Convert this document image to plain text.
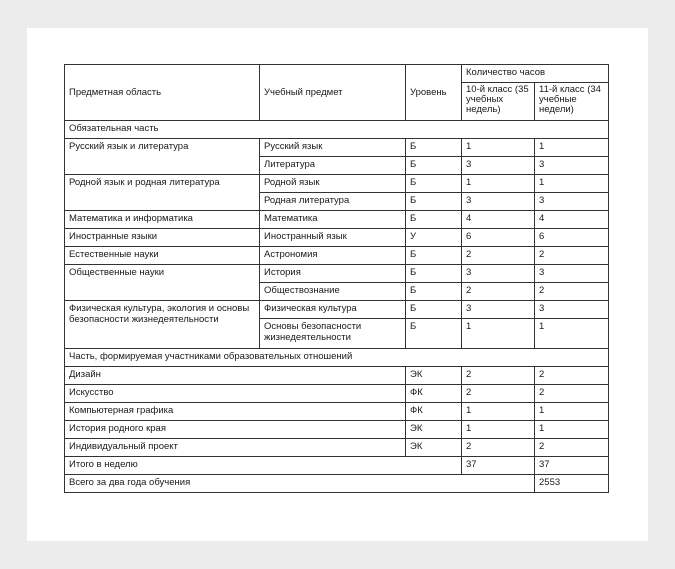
Предметная область	Учебный предмет	Уровень	Количество часов	
			10-й класс (35 учебных недель)	11-й класс (34 учебные недели)
Обязательная часть				
Русский язык и литература	Русский язык	Б	1	1
	Литература	Б	3	3
Родной язык и родная литература	Родной язык	Б	1	1
	Родная литература	Б	3	3
Математика и информатика	Математика	Б	4	4
Иностранные языки	Иностранный язык	У	6	6
Естественные науки	Астрономия	Б	2	2
Общественные науки	История	Б	3	3
	Обществознание	Б	2	2
Физическая культура, экология и основы безопасности жизнедеятельности	Физическая культура	Б	3	3
	Основы безопасности жизнедеятельности	Б	1	1
Часть, формируемая участниками образовательных отношений				
Дизайн		ЭК	2	2
Искусство		ФК	2	2
Компьютерная графика		ФК	1	1
История родного края		ЭК	1	1
Индивидуальный проект		ЭК	2	2
Итого в неделю			37	37
Всего за два года обучения				2553
